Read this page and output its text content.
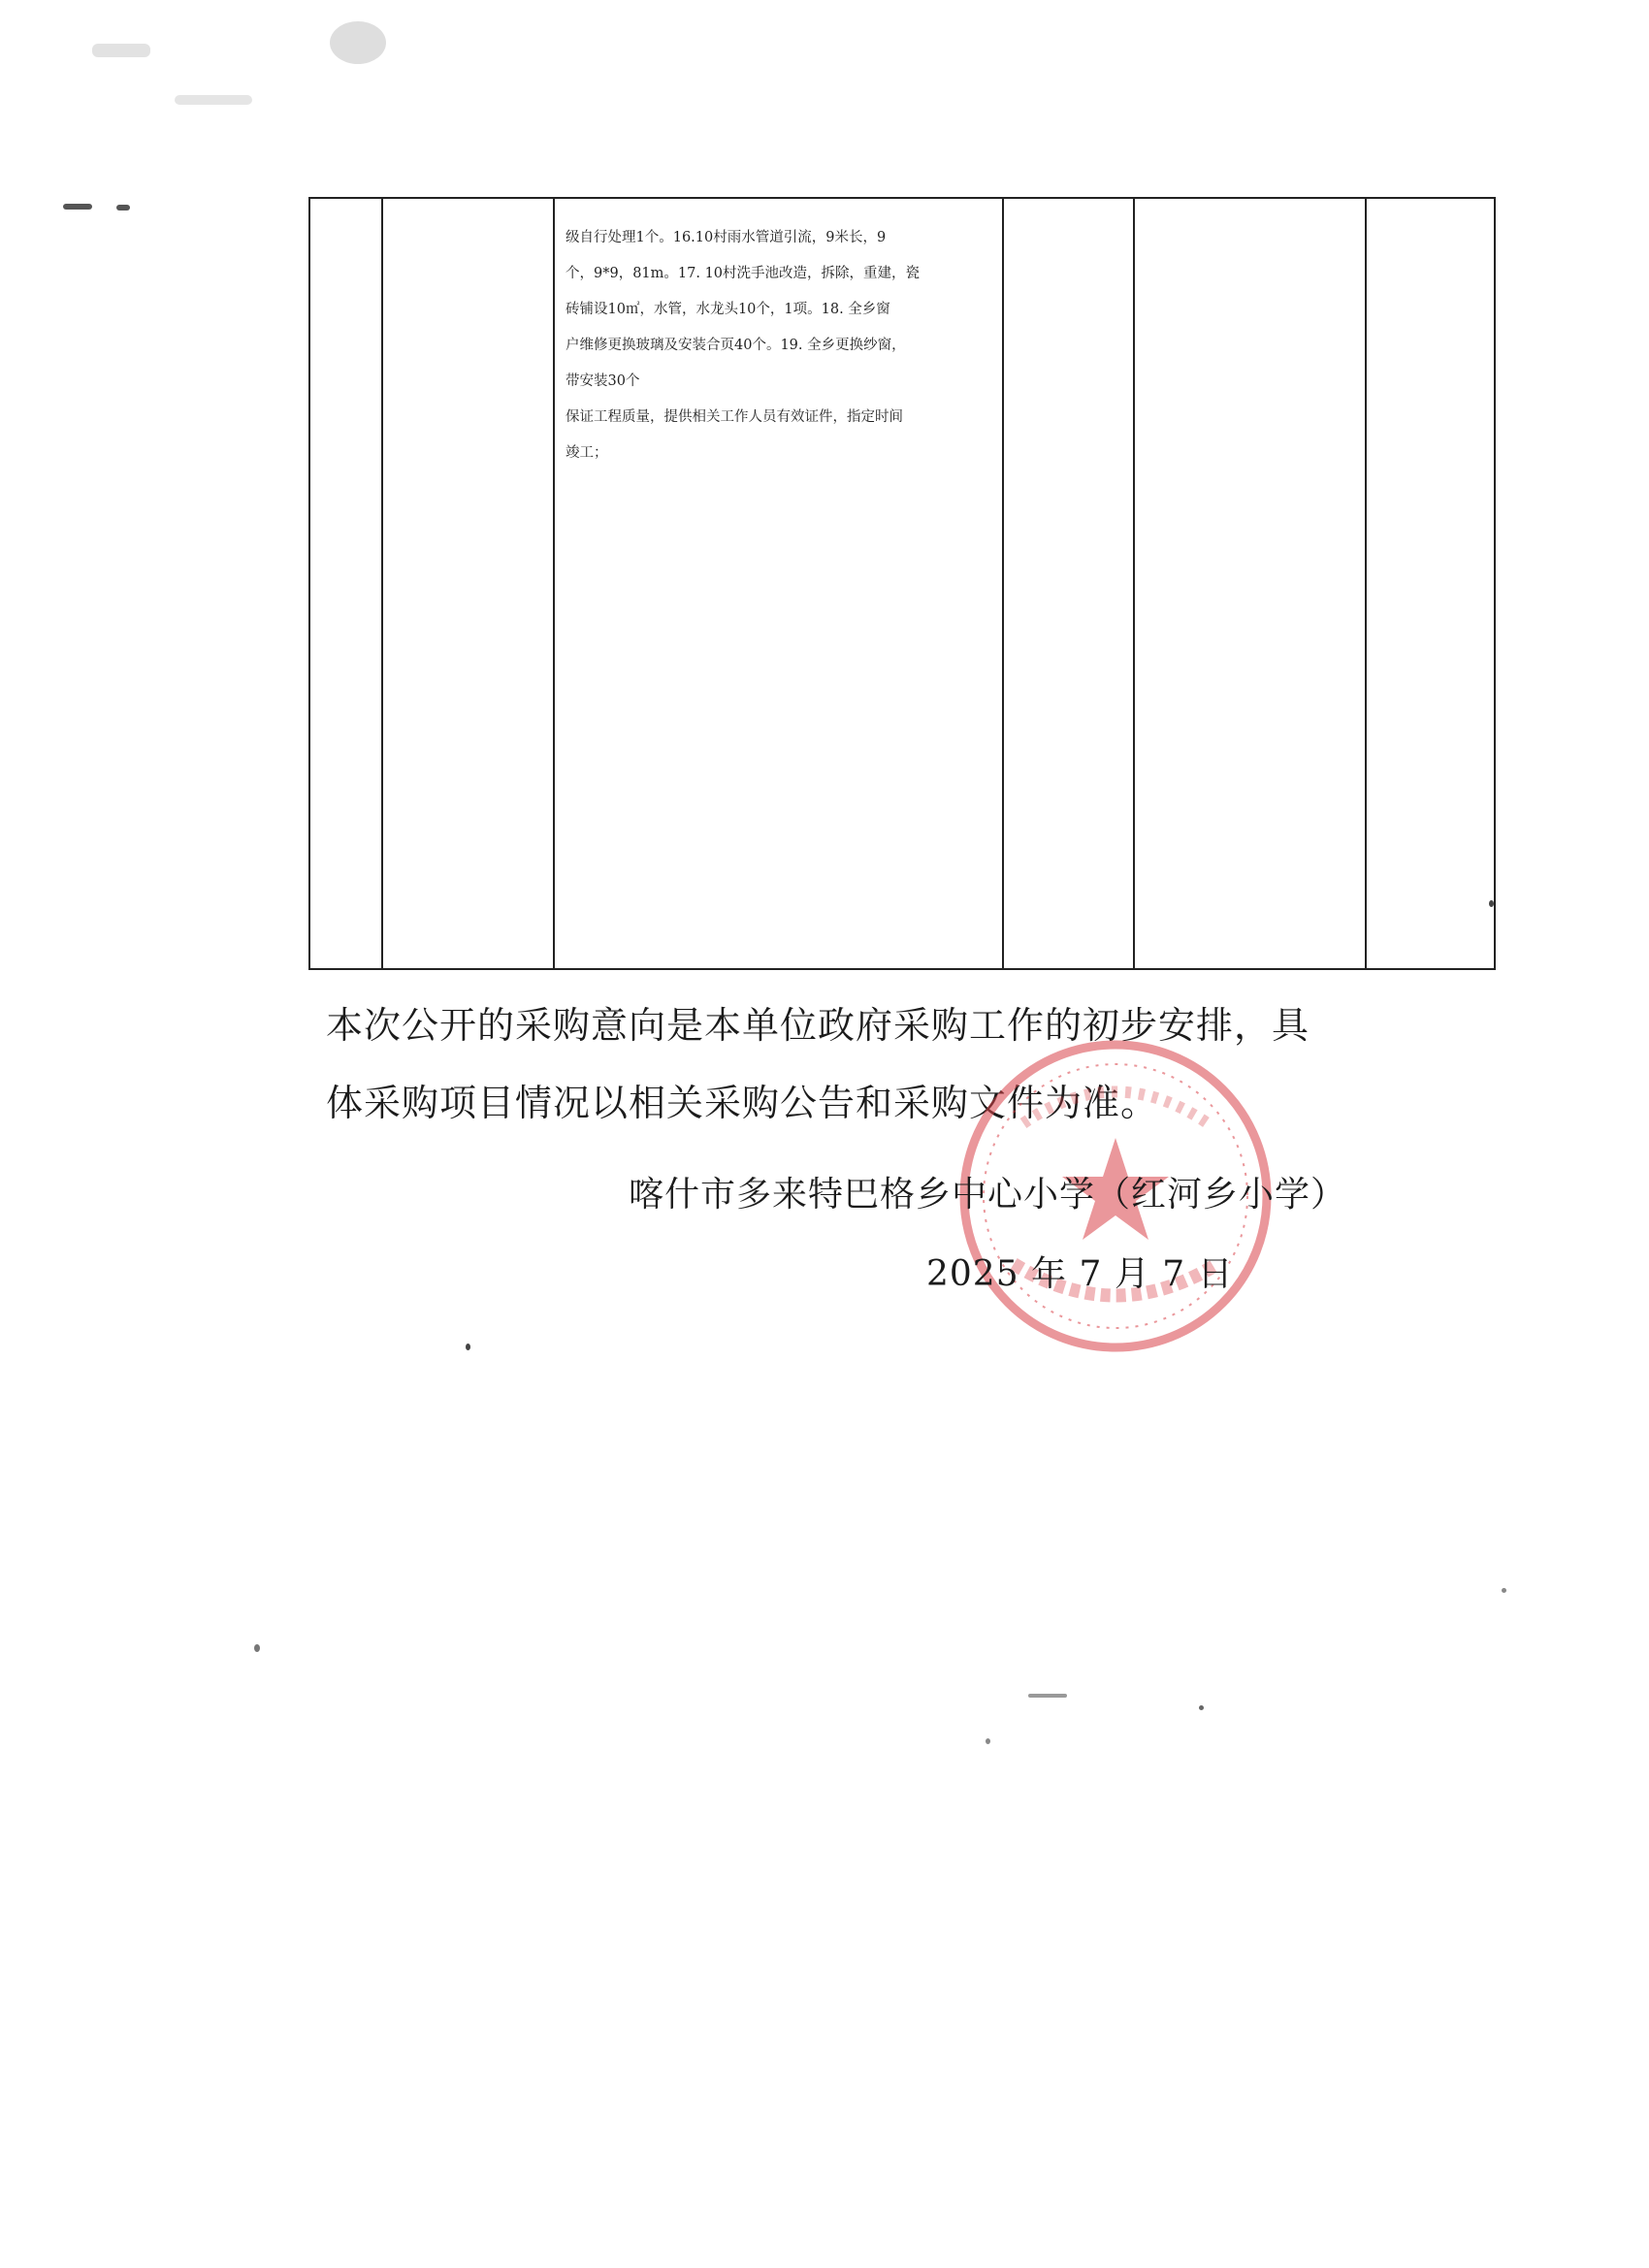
级自行处理1个。16.10村雨水管道引流，9米长，9

个，9*9，81m。17. 10村洗手池改造，拆除，重建，瓷

砖铺设10㎡，水管，水龙头10个，1项。18. 全乡窗

户维修更换玻璃及安装合页40个。19. 全乡更换纱窗，

带安装30个

保证工程质量，提供相关工作人员有效证件，指定时间

竣工；

本次公开的采购意向是本单位政府采购工作的初步安排，具
体采购项目情况以相关采购公告和采购文件为准。
喀什市多来特巴格乡中心小学（红河乡小学）
2025 年 7 月 7 日
